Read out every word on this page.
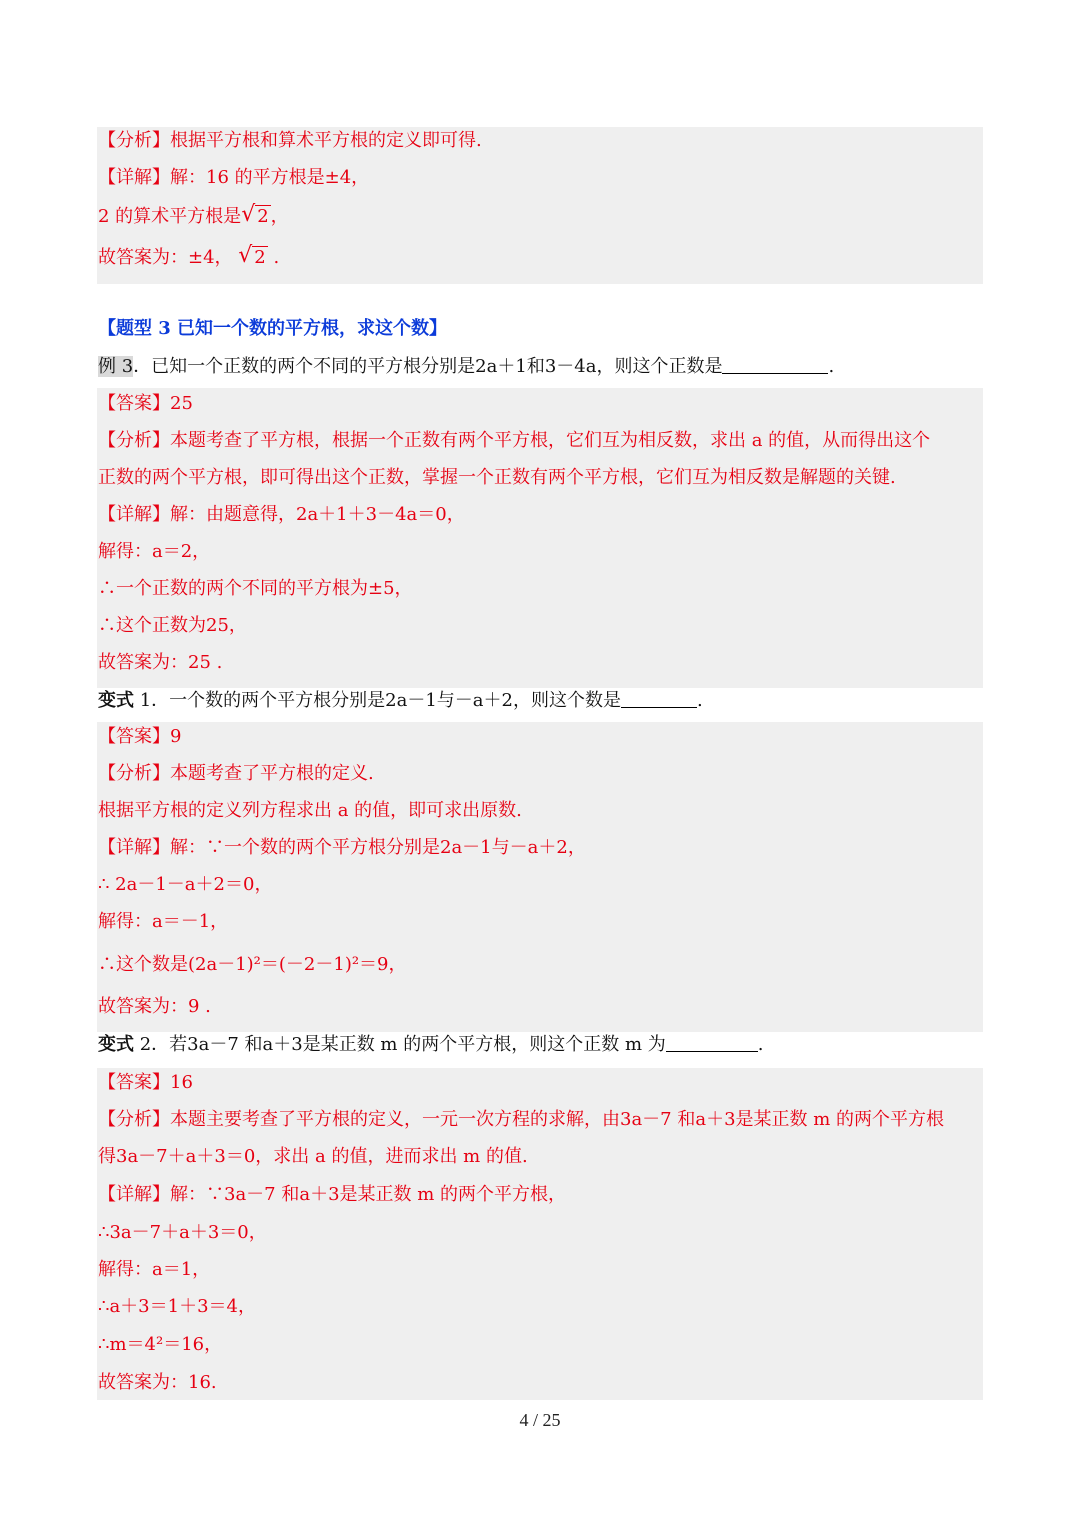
【分析】根据平方根和算术平方根的定义即可得.
【详解】解：16 的平方根是±4，
2 的算术平方根是 √ 2 ，
故答案为：±4， √ 2 .
【题型 3 已知一个数的平方根，求这个数】
例 3．已知一个正数的两个不同的平方根分别是2a＋1和3－4a，则这个正数是	.
【答案】25
【分析】本题考查了平方根，根据一个正数有两个平方根，它们互为相反数，求出 a 的值，从而得出这个
正数的两个平方根，即可得出这个正数，掌握一个正数有两个平方根，它们互为相反数是解题的关键.
【详解】解：由题意得，2a＋1＋3－4a＝0，
解得：a＝2，
∴一个正数的两个不同的平方根为±5，
∴这个正数为25，
故答案为：25 .
变式 1．一个数的两个平方根分别是2a－1与－a＋2，则这个数是	.
【答案】9
【分析】本题考查了平方根的定义.
根据平方根的定义列方程求出 a 的值，即可求出原数.
【详解】解：∵一个数的两个平方根分别是2a－1与－a＋2，
∴ 2a－1－a＋2＝0，
解得：a＝－1，
∴这个数是(2a－1)²＝(－2－1)²＝9，
故答案为：9 .
变式 2．若3a－7 和a＋3是某正数 m 的两个平方根，则这个正数 m 为	.
【答案】16
【分析】本题主要考查了平方根的定义，一元一次方程的求解，由3a－7 和a＋3是某正数 m 的两个平方根
得3a－7＋a＋3＝0，求出 a 的值，进而求出 m 的值.
【详解】解：∵3a－7 和a＋3是某正数 m 的两个平方根，
∴3a－7＋a＋3＝0，
解得：a＝1，
∴a＋3＝1＋3＝4，
∴m＝4²＝16，
故答案为：16.
4 / 25
